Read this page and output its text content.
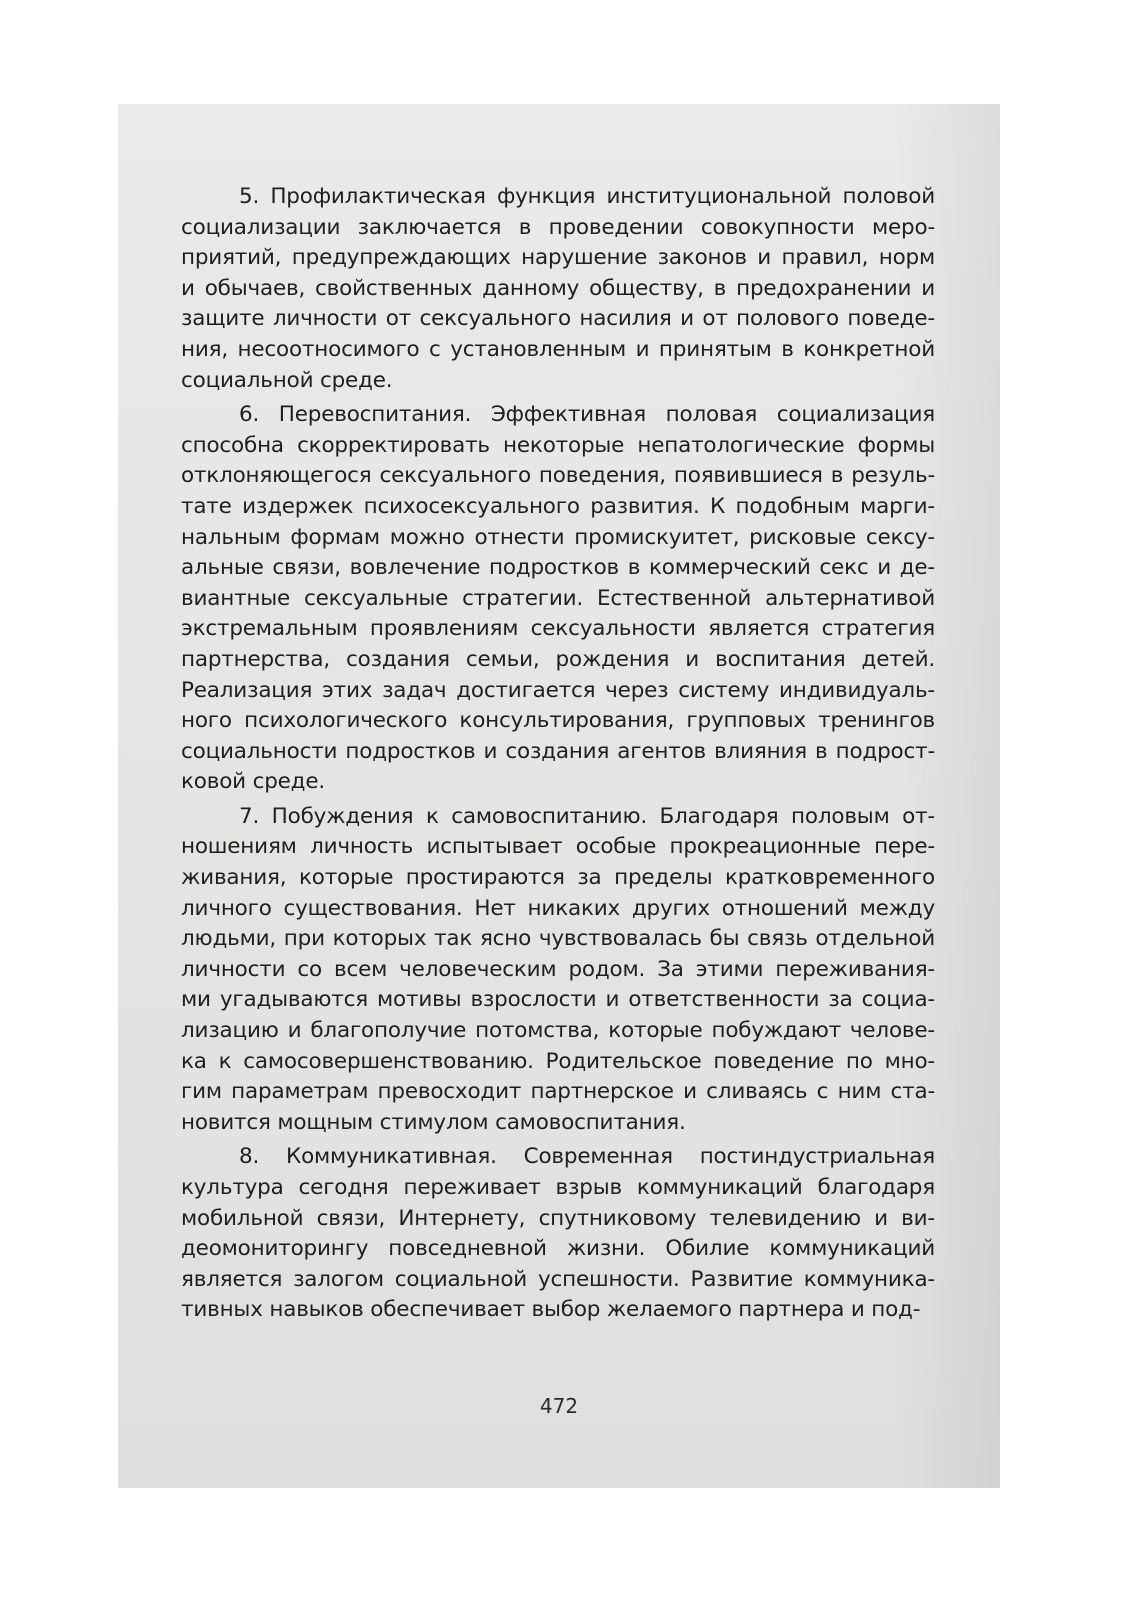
5. Профилактическая функция институциональной половой
социализации заключается в проведении совокупности меро-
приятий, предупреждающих нарушение законов и правил, норм
и обычаев, свойственных данному обществу, в предохранении и
защите личности от сексуального насилия и от полового поведе-
ния, несоотносимого с установленным и принятым в конкретной
социальной среде.
6. Перевоспитания. Эффективная половая социализация
способна скорректировать некоторые непатологические формы
отклоняющегося сексуального поведения, появившиеся в резуль-
тате издержек психосексуального развития. К подобным марги-
нальным формам можно отнести промискуитет, рисковые сексу-
альные связи, вовлечение подростков в коммерческий секс и де-
виантные сексуальные стратегии. Естественной альтернативой
экстремальным проявлениям сексуальности является стратегия
партнерства, создания семьи, рождения и воспитания детей.
Реализация этих задач достигается через систему индивидуаль-
ного психологического консультирования, групповых тренингов
социальности подростков и создания агентов влияния в подрост-
ковой среде.
7. Побуждения к самовоспитанию. Благодаря половым от-
ношениям личность испытывает особые прокреационные пере-
живания, которые простираются за пределы кратковременного
личного существования. Нет никаких других отношений между
людьми, при которых так ясно чувствовалась бы связь отдельной
личности со всем человеческим родом. За этими переживания-
ми угадываются мотивы взрослости и ответственности за социа-
лизацию и благополучие потомства, которые побуждают челове-
ка к самосовершенствованию. Родительское поведение по мно-
гим параметрам превосходит партнерское и сливаясь с ним ста-
новится мощным стимулом самовоспитания.
8. Коммуникативная. Современная постиндустриальная
культура сегодня переживает взрыв коммуникаций благодаря
мобильной связи, Интернету, спутниковому телевидению и ви-
деомониторингу повседневной жизни. Обилие коммуникаций
является залогом социальной успешности. Развитие коммуника-
тивных навыков обеспечивает выбор желаемого партнера и под-
472
